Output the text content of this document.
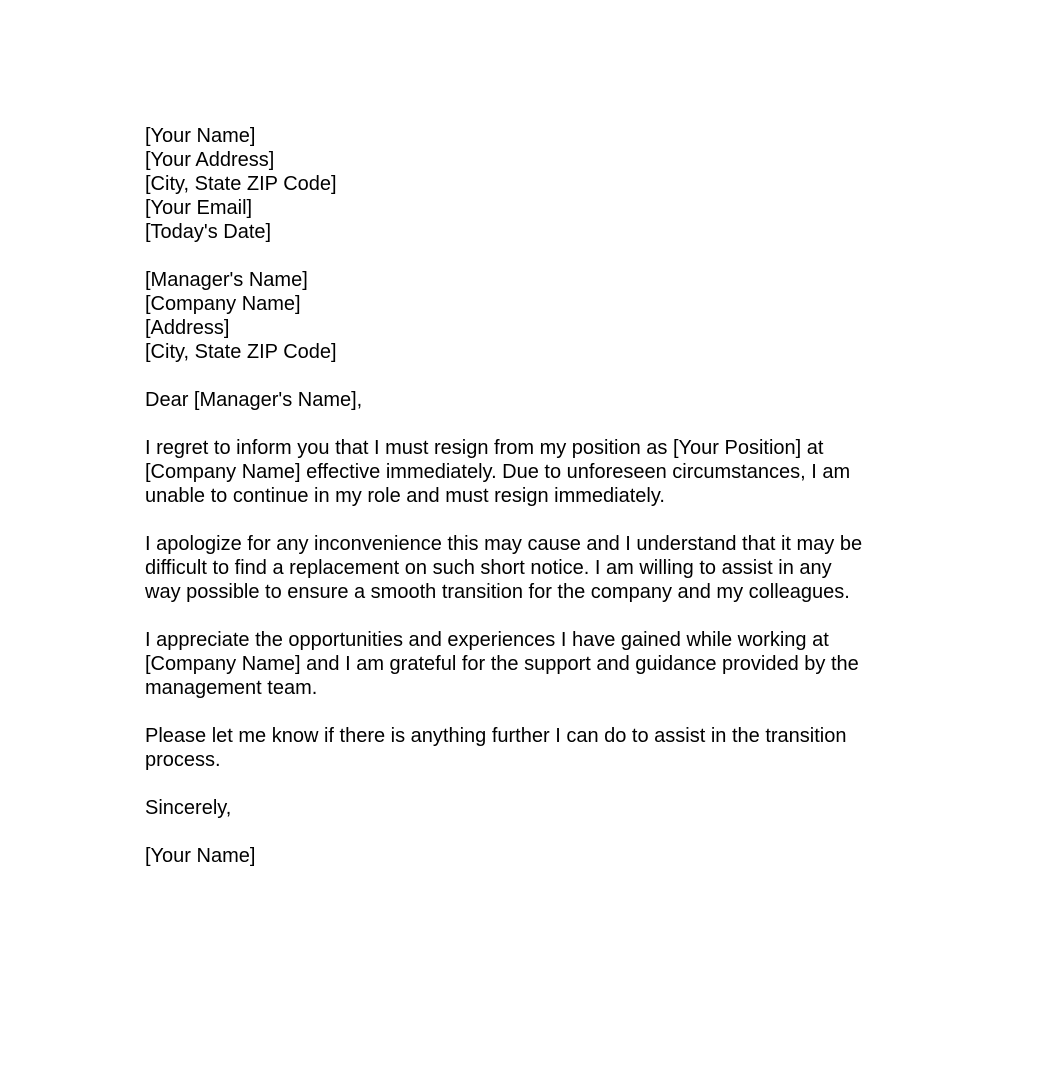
[Your Name]
[Your Address]
[City, State ZIP Code]
[Your Email]
[Today's Date]
[Manager's Name]
[Company Name]
[Address]
[City, State ZIP Code]
Dear [Manager's Name],
I regret to inform you that I must resign from my position as [Your Position] at
[Company Name] effective immediately. Due to unforeseen circumstances, I am
unable to continue in my role and must resign immediately.
I apologize for any inconvenience this may cause and I understand that it may be
difficult to find a replacement on such short notice. I am willing to assist in any
way possible to ensure a smooth transition for the company and my colleagues.
I appreciate the opportunities and experiences I have gained while working at
[Company Name] and I am grateful for the support and guidance provided by the
management team.
Please let me know if there is anything further I can do to assist in the transition
process.
Sincerely,
[Your Name]
